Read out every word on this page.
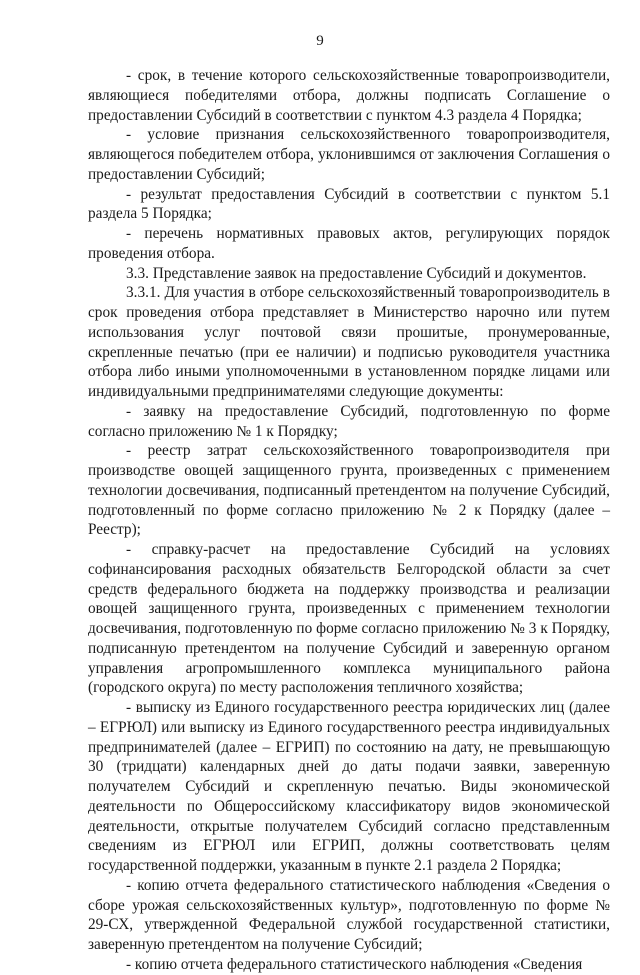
9

- срок, в течение которого сельскохозяйственные товаропроизводители, являющиеся победителями отбора, должны подписать Соглашение о предоставлении Субсидий в соответствии с пунктом 4.3 раздела 4 Порядка;

- условие признания сельскохозяйственного товаропроизводителя, являющегося победителем отбора, уклонившимся от заключения Соглашения о предоставлении Субсидий;

- результат предоставления Субсидий в соответствии с пунктом 5.1 раздела 5 Порядка;

- перечень нормативных правовых актов, регулирующих порядок проведения отбора.

3.3. Представление заявок на предоставление Субсидий и документов.

3.3.1. Для участия в отборе сельскохозяйственный товаропроизводитель в срок проведения отбора представляет в Министерство нарочно или путем использования услуг почтовой связи прошитые, пронумерованные, скрепленные печатью (при ее наличии) и подписью руководителя участника отбора либо иными уполномоченными в установленном порядке лицами или индивидуальными предпринимателями следующие документы:

- заявку на предоставление Субсидий, подготовленную по форме согласно приложению № 1 к Порядку;

- реестр затрат сельскохозяйственного товаропроизводителя при производстве овощей защищенного грунта, произведенных с применением технологии досвечивания, подписанный претендентом на получение Субсидий, подготовленный по форме согласно приложению № 2 к Порядку (далее – Реестр);

- справку-расчет на предоставление Субсидий на условиях софинансирования расходных обязательств Белгородской области за счет средств федерального бюджета на поддержку производства и реализации овощей защищенного грунта, произведенных с применением технологии досвечивания, подготовленную по форме согласно приложению № 3 к Порядку, подписанную претендентом на получение Субсидий и заверенную органом управления агропромышленного комплекса муниципального района (городского округа) по месту расположения тепличного хозяйства;

- выписку из Единого государственного реестра юридических лиц (далее – ЕГРЮЛ) или выписку из Единого государственного реестра индивидуальных предпринимателей (далее – ЕГРИП) по состоянию на дату, не превышающую 30 (тридцати) календарных дней до даты подачи заявки, заверенную получателем Субсидий и скрепленную печатью. Виды экономической деятельности по Общероссийскому классификатору видов экономической деятельности, открытые получателем Субсидий согласно представленным сведениям из ЕГРЮЛ или ЕГРИП, должны соответствовать целям государственной поддержки, указанным в пункте 2.1 раздела 2 Порядка;

- копию отчета федерального статистического наблюдения «Сведения о сборе урожая сельскохозяйственных культур», подготовленную по форме № 29-СХ, утвержденной Федеральной службой государственной статистики, заверенную претендентом на получение Субсидий;

- копию отчета федерального статистического наблюдения «Сведения
